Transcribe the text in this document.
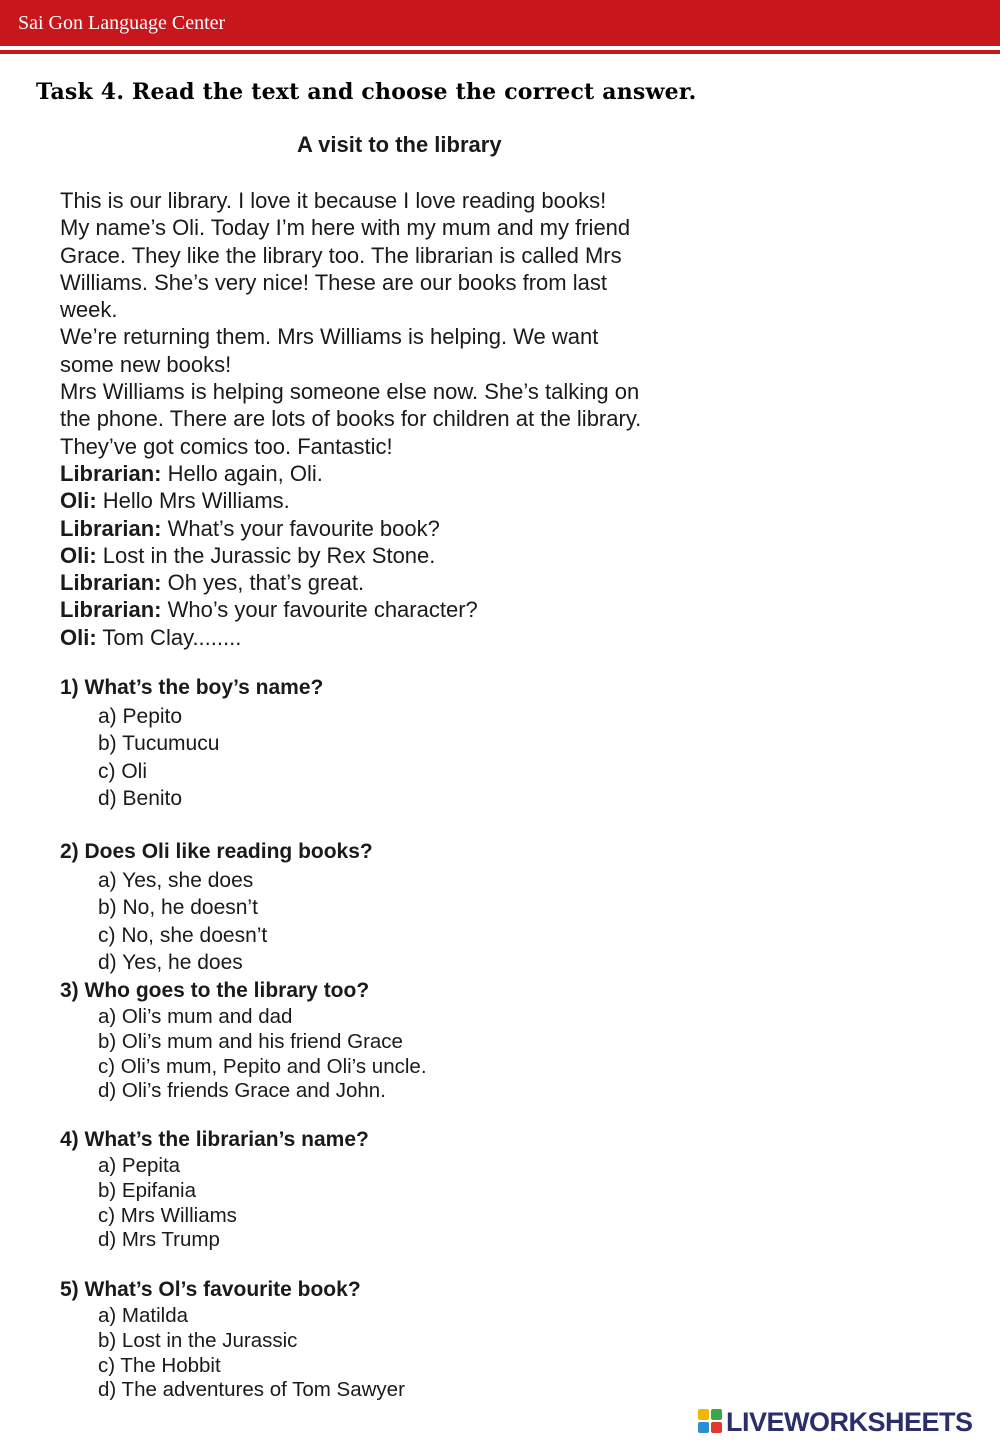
Sai Gon Language Center
Task 4. Read the text and choose the correct answer.
A visit to the library
This is our library. I love it because I love reading books!
My name’s Oli. Today I’m here with my mum and my friend
Grace. They like the library too. The librarian is called Mrs
Williams. She’s very nice! These are our books from last
week.
We’re returning them. Mrs Williams is helping. We want
some new books!
Mrs Williams is helping someone else now. She’s talking on
the phone. There are lots of books for children at the library.
They’ve got comics too. Fantastic!
Librarian: Hello again, Oli.
Oli: Hello Mrs Williams.
Librarian: What’s your favourite book?
Oli: Lost in the Jurassic by Rex Stone.
Librarian: Oh yes, that’s great.
Librarian: Who’s your favourite character?
Oli: Tom Clay........
1) What’s the boy’s name?
a) Pepito
b) Tucumucu
c) Oli
d) Benito
2) Does Oli like reading books?
a) Yes, she does
b) No, he doesn’t
c) No, she doesn’t
d) Yes, he does
3) Who goes to the library too?
a) Oli’s mum and dad
b) Oli’s mum and his friend Grace
c) Oli’s mum, Pepito and Oli’s uncle.
d) Oli’s friends Grace and John.
4) What’s the librarian’s name?
a) Pepita
b) Epifania
c) Mrs Williams
d) Mrs Trump
5) What’s Ol’s favourite book?
a) Matilda
b) Lost in the Jurassic
c) The Hobbit
d) The adventures of Tom Sawyer
LIVEWORKSHEETS
